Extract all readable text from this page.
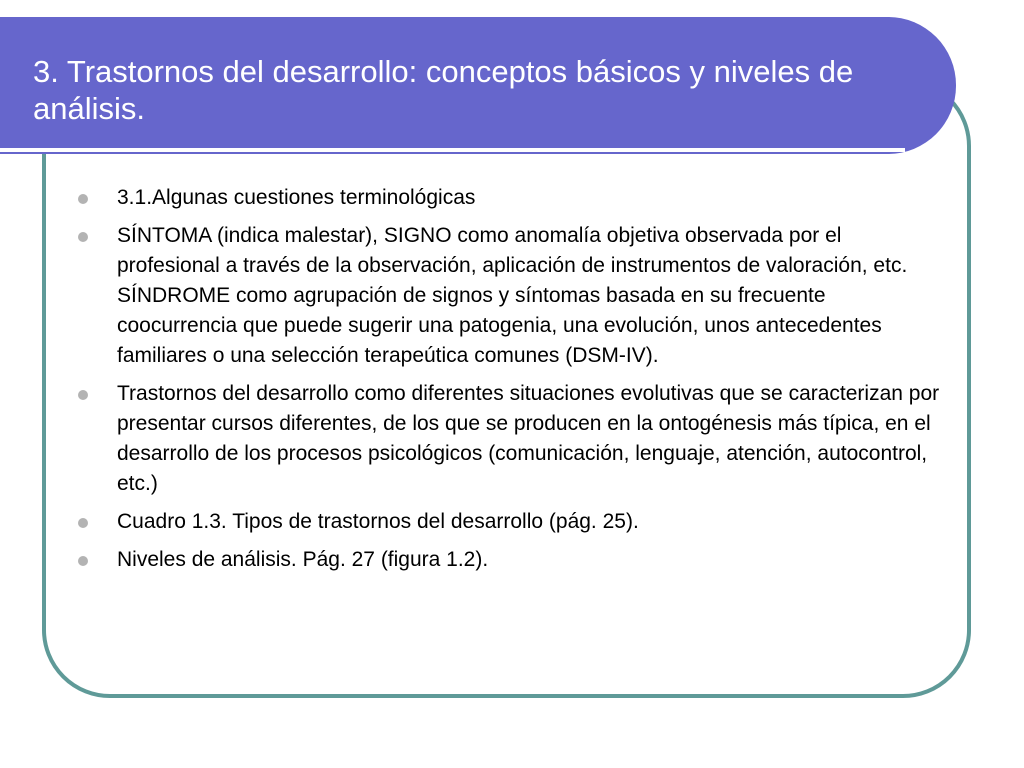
3. Trastornos del desarrollo: conceptos básicos y niveles de análisis.
3.1.Algunas cuestiones terminológicas
SÍNTOMA (indica malestar), SIGNO como anomalía objetiva observada por el profesional a través de la observación, aplicación de instrumentos de valoración, etc. SÍNDROME como agrupación de signos y síntomas basada en su frecuente coocurrencia que puede sugerir una patogenia, una evolución, unos antecedentes familiares o una selección terapeútica comunes (DSM-IV).
Trastornos del desarrollo como diferentes situaciones evolutivas que se caracterizan por presentar cursos diferentes, de los que se producen en la ontogénesis más típica, en el desarrollo de los procesos psicológicos (comunicación, lenguaje, atención, autocontrol, etc.)
Cuadro 1.3. Tipos de trastornos del desarrollo (pág. 25).
Niveles de análisis. Pág. 27 (figura 1.2).
